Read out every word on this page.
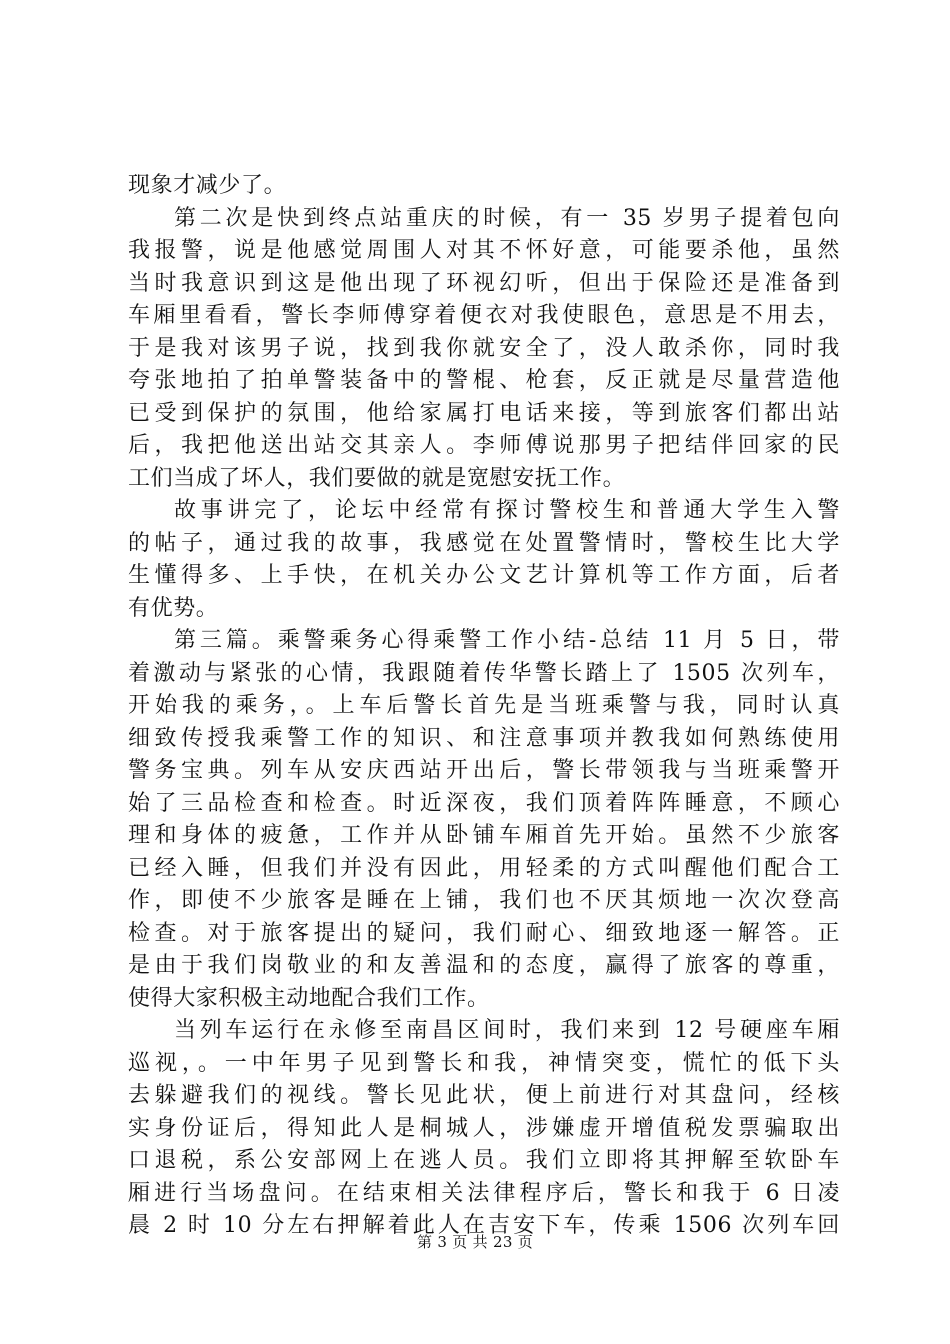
现象才减少了。
第二次是快到终点站重庆的时候，有一 35 岁男子提着包向
我报警，说是他感觉周围人对其不怀好意，可能要杀他，虽然
当时我意识到这是他出现了环视幻听，但出于保险还是准备到
车厢里看看，警长李师傅穿着便衣对我使眼色，意思是不用去，
于是我对该男子说，找到我你就安全了，没人敢杀你，同时我
夸张地拍了拍单警装备中的警棍、枪套，反正就是尽量营造他
已受到保护的氛围，他给家属打电话来接，等到旅客们都出站
后，我把他送出站交其亲人。李师傅说那男子把结伴回家的民
工们当成了坏人，我们要做的就是宽慰安抚工作。
故事讲完了，论坛中经常有探讨警校生和普通大学生入警
的帖子，通过我的故事，我感觉在处置警情时，警校生比大学
生懂得多、上手快，在机关办公文艺计算机等工作方面，后者
有优势。
第三篇。乘警乘务心得乘警工作小结-总结 11 月 5 日，带
着激动与紧张的心情，我跟随着传华警长踏上了 1505 次列车，
开始我的乘务，。上车后警长首先是当班乘警与我，同时认真
细致传授我乘警工作的知识、和注意事项并教我如何熟练使用
警务宝典。列车从安庆西站开出后，警长带领我与当班乘警开
始了三品检查和检查。时近深夜，我们顶着阵阵睡意，不顾心
理和身体的疲惫，工作并从卧铺车厢首先开始。虽然不少旅客
已经入睡，但我们并没有因此，用轻柔的方式叫醒他们配合工
作，即使不少旅客是睡在上铺，我们也不厌其烦地一次次登高
检查。对于旅客提出的疑问，我们耐心、细致地逐一解答。正
是由于我们岗敬业的和友善温和的态度，赢得了旅客的尊重，
使得大家积极主动地配合我们工作。
当列车运行在永修至南昌区间时，我们来到 12 号硬座车厢
巡视，。一中年男子见到警长和我，神情突变，慌忙的低下头
去躲避我们的视线。警长见此状，便上前进行对其盘问，经核
实身份证后，得知此人是桐城人，涉嫌虚开增值税发票骗取出
口退税，系公安部网上在逃人员。我们立即将其押解至软卧车
厢进行当场盘问。在结束相关法律程序后，警长和我于 6 日凌
晨 2 时 10 分左右押解着此人在吉安下车，传乘 1506 次列车回
第 3 页 共 23 页
